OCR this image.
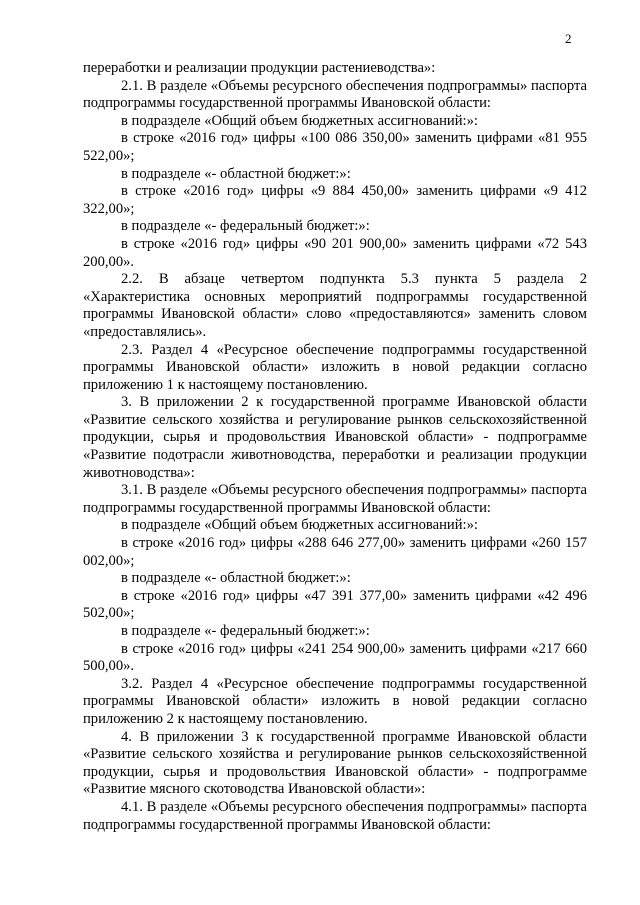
2

переработки и реализации продукции растениеводства»:

2.1. В разделе «Объемы ресурсного обеспечения подпрограммы» паспорта подпрограммы государственной программы Ивановской области:

в подразделе «Общий объем бюджетных ассигнований:»:

в строке «2016 год» цифры «100 086 350,00» заменить цифрами «81 955 522,00»;

в подразделе «- областной бюджет:»:

в строке «2016 год» цифры «9 884 450,00» заменить цифрами «9 412 322,00»;

в подразделе «- федеральный бюджет:»:

в строке «2016 год» цифры «90 201 900,00» заменить цифрами «72 543 200,00».

2.2. В абзаце четвертом подпункта 5.3 пункта 5 раздела 2 «Характеристика основных мероприятий подпрограммы государственной программы Ивановской области» слово «предоставляются» заменить словом «предоставлялись».

2.3. Раздел 4 «Ресурсное обеспечение подпрограммы государственной программы Ивановской области» изложить в новой редакции согласно приложению 1 к настоящему постановлению.

3. В приложении 2 к государственной программе Ивановской области «Развитие сельского хозяйства и регулирование рынков сельскохозяйственной продукции, сырья и продовольствия Ивановской области» - подпрограмме «Развитие подотрасли животноводства, переработки и реализации продукции животноводства»:

3.1. В разделе «Объемы ресурсного обеспечения подпрограммы» паспорта подпрограммы государственной программы Ивановской области:

в подразделе «Общий объем бюджетных ассигнований:»:

в строке «2016 год» цифры «288 646 277,00» заменить цифрами «260 157 002,00»;

в подразделе «- областной бюджет:»:

в строке «2016 год» цифры «47 391 377,00» заменить цифрами «42 496 502,00»;

в подразделе «- федеральный бюджет:»:

в строке «2016 год» цифры «241 254 900,00» заменить цифрами «217 660 500,00».

3.2. Раздел 4 «Ресурсное обеспечение подпрограммы государственной программы Ивановской области» изложить в новой редакции согласно приложению 2 к настоящему постановлению.

4. В приложении 3 к государственной программе Ивановской области «Развитие сельского хозяйства и регулирование рынков сельскохозяйственной продукции, сырья и продовольствия Ивановской области» - подпрограмме «Развитие мясного скотоводства Ивановской области»:

4.1. В разделе «Объемы ресурсного обеспечения подпрограммы» паспорта подпрограммы государственной программы Ивановской области:
